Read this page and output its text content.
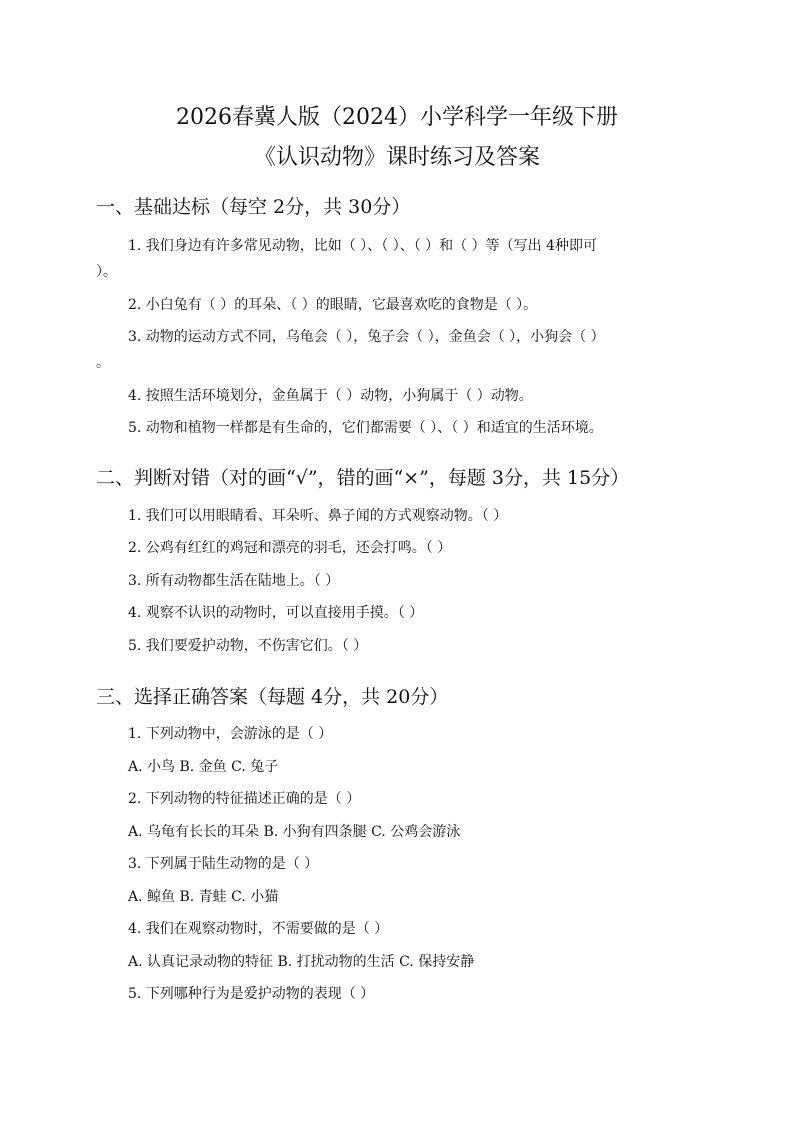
2026春冀人版（2024）小学科学一年级下册
《认识动物》课时练习及答案
一、基础达标（每空 2分，共 30分）
1. 我们身边有许多常见动物，比如（ ）、（ ）、（ ）和（ ）等（写出 4种即可
）。
2. 小白兔有（ ）的耳朵、（ ）的眼睛，它最喜欢吃的食物是（ ）。
3. 动物的运动方式不同，乌龟会（ ），兔子会（ ），金鱼会（ ），小狗会（ ）
。
4. 按照生活环境划分，金鱼属于（ ）动物，小狗属于（ ）动物。
5. 动物和植物一样都是有生命的，它们都需要（ ）、（ ）和适宜的生活环境。
二、判断对错（对的画“√”，错的画“×”，每题 3分，共 15分）
1. 我们可以用眼睛看、耳朵听、鼻子闻的方式观察动物。（ ）
2. 公鸡有红红的鸡冠和漂亮的羽毛，还会打鸣。（ ）
3. 所有动物都生活在陆地上。（ ）
4. 观察不认识的动物时，可以直接用手摸。（ ）
5. 我们要爱护动物，不伤害它们。（ ）
三、选择正确答案（每题 4分，共 20分）
1. 下列动物中，会游泳的是（ ）
A. 小鸟 B. 金鱼 C. 兔子
2. 下列动物的特征描述正确的是（ ）
A. 乌龟有长长的耳朵 B. 小狗有四条腿 C. 公鸡会游泳
3. 下列属于陆生动物的是（ ）
A. 鲸鱼 B. 青蛙 C. 小猫
4. 我们在观察动物时，不需要做的是（ ）
A. 认真记录动物的特征 B. 打扰动物的生活 C. 保持安静
5. 下列哪种行为是爱护动物的表现（ ）
